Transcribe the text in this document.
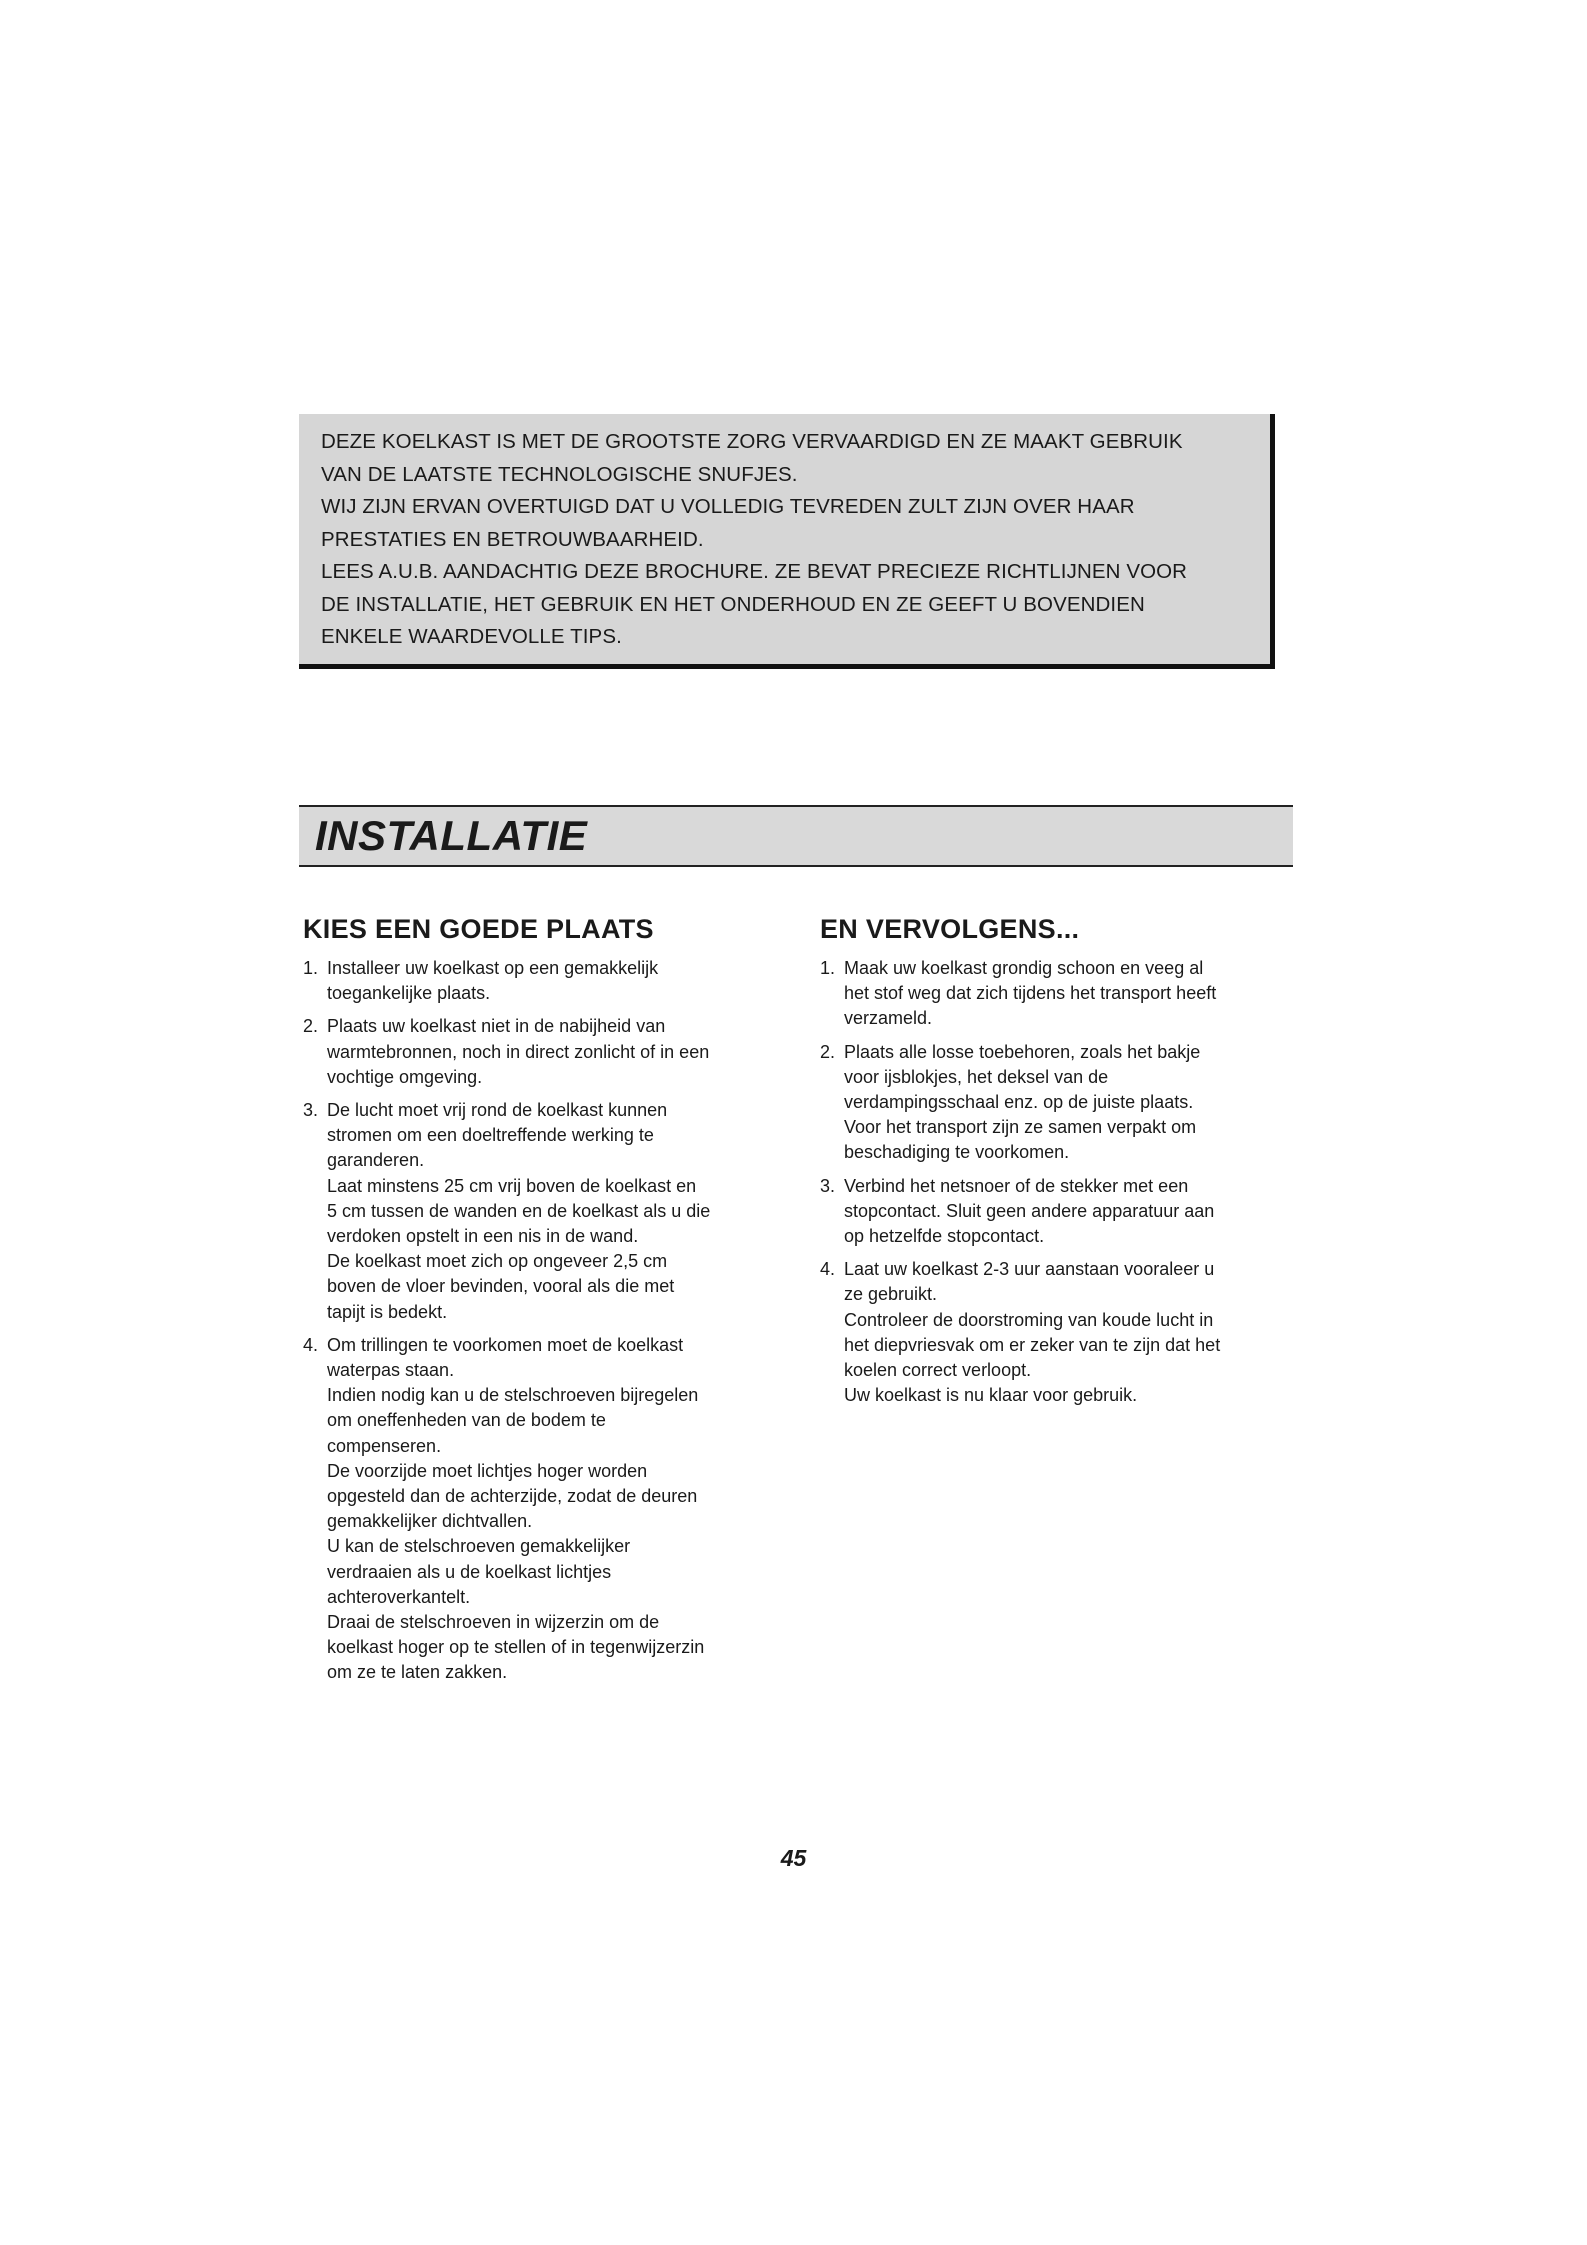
DEZE KOELKAST IS MET DE GROOTSTE ZORG VERVAARDIGD EN ZE MAAKT GEBRUIK

VAN DE LAATSTE TECHNOLOGISCHE SNUFJES.

WIJ ZIJN ERVAN OVERTUIGD DAT U VOLLEDIG TEVREDEN ZULT ZIJN OVER HAAR

PRESTATIES EN BETROUWBAARHEID.

LEES A.U.B. AANDACHTIG DEZE BROCHURE. ZE BEVAT PRECIEZE RICHTLIJNEN VOOR

DE INSTALLATIE, HET GEBRUIK EN HET ONDERHOUD EN ZE GEEFT U BOVENDIEN

ENKELE WAARDEVOLLE TIPS.

INSTALLATIE
KIES EEN GOEDE PLAATS
1. Installeer uw koelkast op een gemakkelijk
toegankelijke plaats.
2. Plaats uw koelkast niet in de nabijheid van
warmtebronnen, noch in direct zonlicht of in een
vochtige omgeving.
3. De lucht moet vrij rond de koelkast kunnen
stromen om een doeltreffende werking te
garanderen.
Laat minstens 25 cm vrij boven de koelkast en
5 cm tussen de wanden en de koelkast als u die
verdoken opstelt in een nis in de wand.
De koelkast moet zich op ongeveer 2,5 cm
boven de vloer bevinden, vooral als die met
tapijt is bedekt.
4. Om trillingen te voorkomen moet de koelkast
waterpas staan.
Indien nodig kan u de stelschroeven bijregelen
om oneffenheden van de bodem te
compenseren.
De voorzijde moet lichtjes hoger worden
opgesteld dan de achterzijde, zodat de deuren
gemakkelijker dichtvallen.
U kan de stelschroeven gemakkelijker
verdraaien als u de koelkast lichtjes
achteroverkantelt.
Draai de stelschroeven in wijzerzin om de
koelkast hoger op te stellen of in tegenwijzerzin
om ze te laten zakken.
EN VERVOLGENS...
1. Maak uw koelkast grondig schoon en veeg al
het stof weg dat zich tijdens het transport heeft
verzameld.
2. Plaats alle losse toebehoren, zoals het bakje
voor ijsblokjes, het deksel van de
verdampingsschaal enz. op de juiste plaats.
Voor het transport zijn ze samen verpakt om
beschadiging te voorkomen.
3. Verbind het netsnoer of de stekker met een
stopcontact. Sluit geen andere apparatuur aan
op hetzelfde stopcontact.
4. Laat uw koelkast 2-3 uur aanstaan vooraleer u
ze gebruikt.
Controleer de doorstroming van koude lucht in
het diepvriesvak om er zeker van te zijn dat het
koelen correct verloopt.
Uw koelkast is nu klaar voor gebruik.
45
